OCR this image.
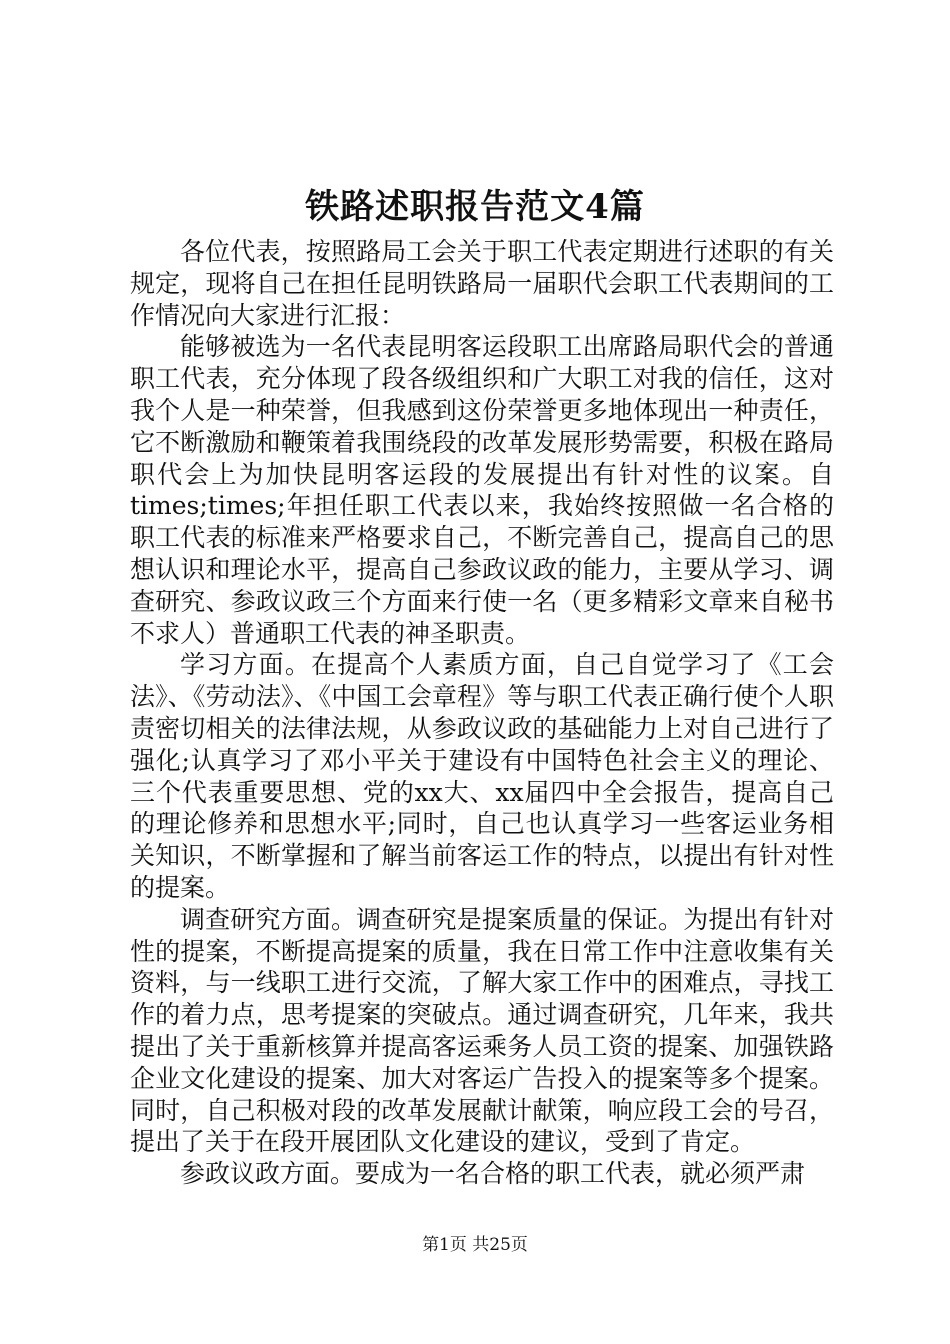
铁路述职报告范文4篇

各位代表，按照路局工会关于职工代表定期进行述职的有关规定，现将自己在担任昆明铁路局一届职代会职工代表期间的工作情况向大家进行汇报：

能够被选为一名代表昆明客运段职工出席路局职代会的普通职工代表，充分体现了段各级组织和广大职工对我的信任，这对我个人是一种荣誉，但我感到这份荣誉更多地体现出一种责任，它不断激励和鞭策着我围绕段的改革发展形势需要，积极在路局职代会上为加快昆明客运段的发展提出有针对性的议案。自times;times;年担任职工代表以来，我始终按照做一名合格的职工代表的标准来严格要求自己，不断完善自己，提高自己的思想认识和理论水平，提高自己参政议政的能力，主要从学习、调查研究、参政议政三个方面来行使一名（更多精彩文章来自秘书不求人）普通职工代表的神圣职责。

学习方面。在提高个人素质方面，自己自觉学习了《工会法》、《劳动法》、《中国工会章程》等与职工代表正确行使个人职责密切相关的法律法规，从参政议政的基础能力上对自己进行了强化;认真学习了邓小平关于建设有中国特色社会主义的理论、三个代表重要思想、党的xx大、xx届四中全会报告，提高自己的理论修养和思想水平;同时，自己也认真学习一些客运业务相关知识，不断掌握和了解当前客运工作的特点，以提出有针对性的提案。

调查研究方面。调查研究是提案质量的保证。为提出有针对性的提案，不断提高提案的质量，我在日常工作中注意收集有关资料，与一线职工进行交流，了解大家工作中的困难点，寻找工作的着力点，思考提案的突破点。通过调查研究，几年来，我共提出了关于重新核算并提高客运乘务人员工资的提案、加强铁路企业文化建设的提案、加大对客运广告投入的提案等多个提案。同时，自己积极对段的改革发展献计献策，响应段工会的号召，提出了关于在段开展团队文化建设的建议，受到了肯定。

参政议政方面。要成为一名合格的职工代表，就必须严肃

第1页 共25页
